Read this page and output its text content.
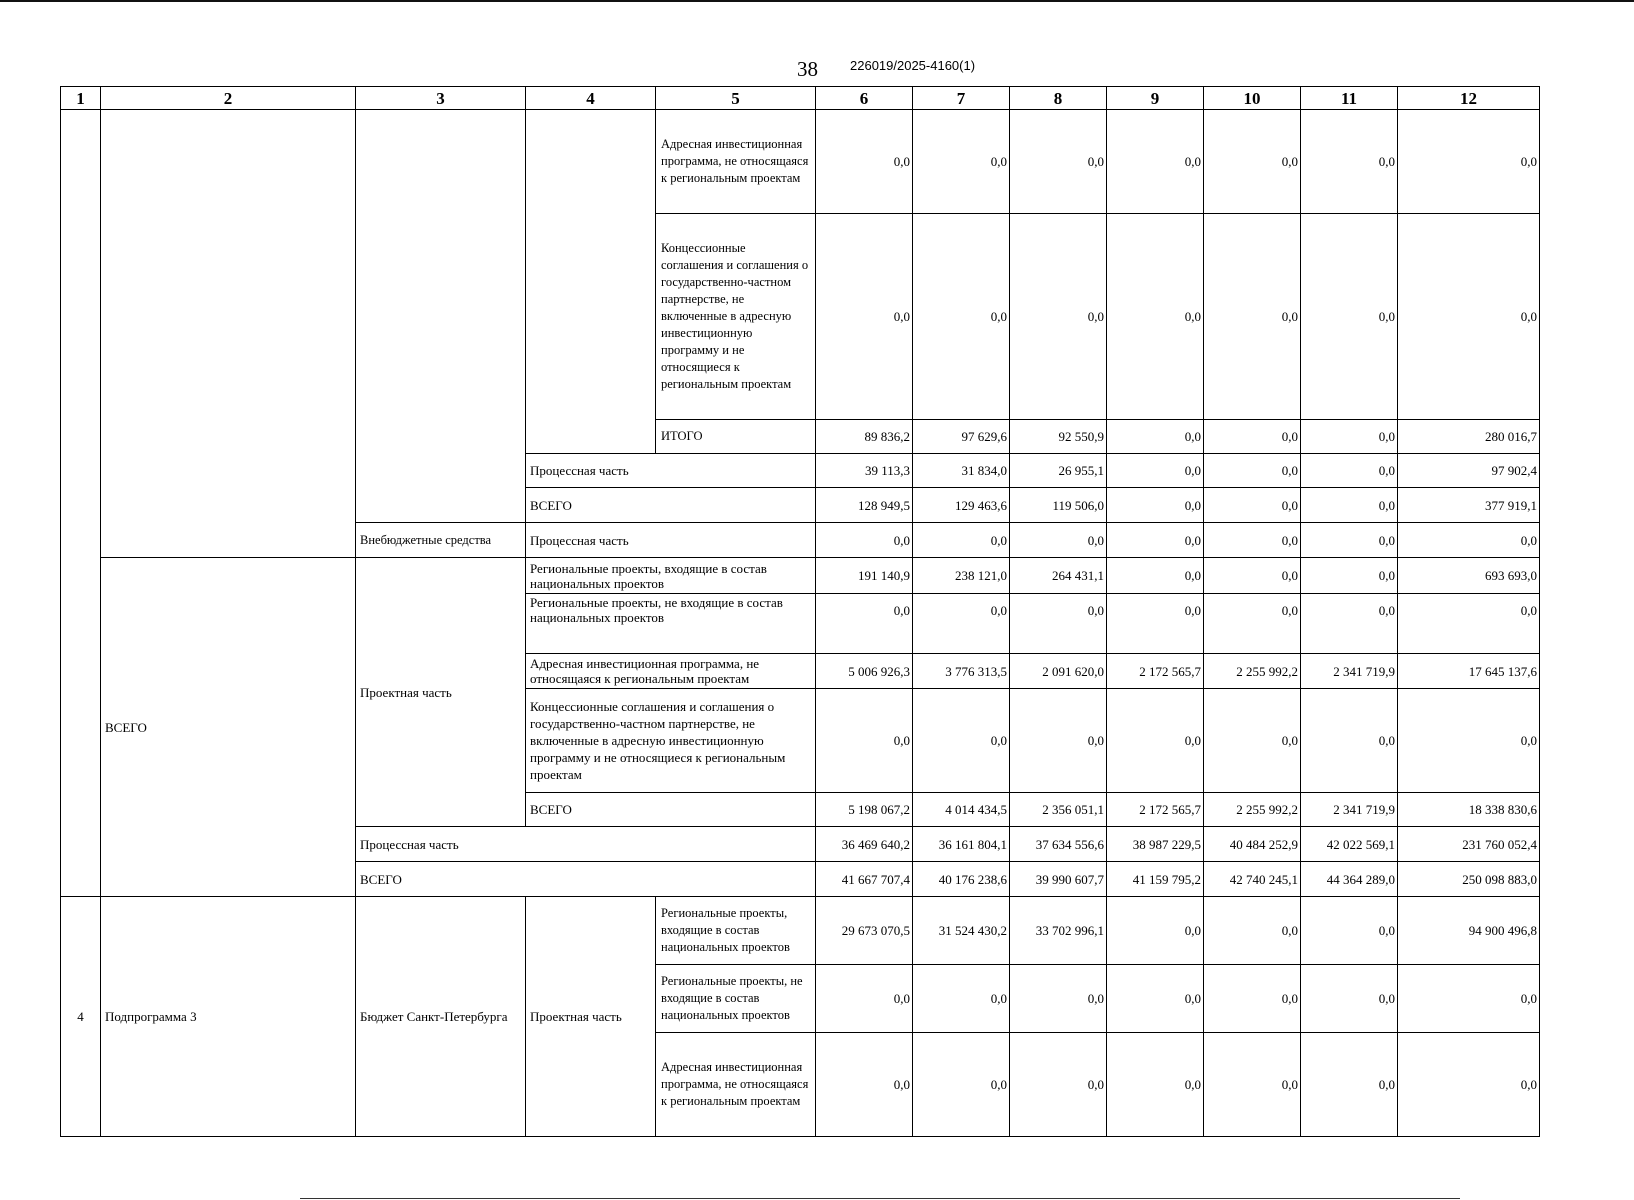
38 226019/2025-4160(1)
1	2	3	4	5	6	7	8	9	10	11	12
				Адресная инвестиционная программа, не относящаяся к региональным проектам	0,0	0,0	0,0	0,0	0,0	0,0	0,0
				Концессионные соглашения и соглашения о государственно-частном партнерстве, не включенные в адресную инвестиционную программу и не относящиеся к региональным проектам	0,0	0,0	0,0	0,0	0,0	0,0	0,0
				ИТОГО	89 836,2	97 629,6	92 550,9	0,0	0,0	0,0	280 016,7
			Процессная часть		39 113,3	31 834,0	26 955,1	0,0	0,0	0,0	97 902,4
			ВСЕГО		128 949,5	129 463,6	119 506,0	0,0	0,0	0,0	377 919,1
		Внебюджетные средства	Процессная часть		0,0	0,0	0,0	0,0	0,0	0,0	0,0
	ВСЕГО	Проектная часть	Региональные проекты, входящие в состав национальных проектов		191 140,9	238 121,0	264 431,1	0,0	0,0	0,0	693 693,0
			Региональные проекты, не входящие в состав национальных проектов		0,0	0,0	0,0	0,0	0,0	0,0	0,0
			Адресная инвестиционная программа, не относящаяся к региональным проектам		5 006 926,3	3 776 313,5	2 091 620,0	2 172 565,7	2 255 992,2	2 341 719,9	17 645 137,6
			Концессионные соглашения и соглашения о государственно-частном партнерстве, не включенные в адресную инвестиционную программу и не относящиеся к региональным проектам		0,0	0,0	0,0	0,0	0,0	0,0	0,0
			ВСЕГО		5 198 067,2	4 014 434,5	2 356 051,1	2 172 565,7	2 255 992,2	2 341 719,9	18 338 830,6
		Процессная часть			36 469 640,2	36 161 804,1	37 634 556,6	38 987 229,5	40 484 252,9	42 022 569,1	231 760 052,4
		ВСЕГО			41 667 707,4	40 176 238,6	39 990 607,7	41 159 795,2	42 740 245,1	44 364 289,0	250 098 883,0
4	Подпрограмма 3	Бюджет Санкт-Петербурга	Проектная часть	Региональные проекты, входящие в состав национальных проектов	29 673 070,5	31 524 430,2	33 702 996,1	0,0	0,0	0,0	94 900 496,8
				Региональные проекты, не входящие в состав национальных проектов	0,0	0,0	0,0	0,0	0,0	0,0	0,0
				Адресная инвестиционная программа, не относящаяся к региональным проектам	0,0	0,0	0,0	0,0	0,0	0,0	0,0
